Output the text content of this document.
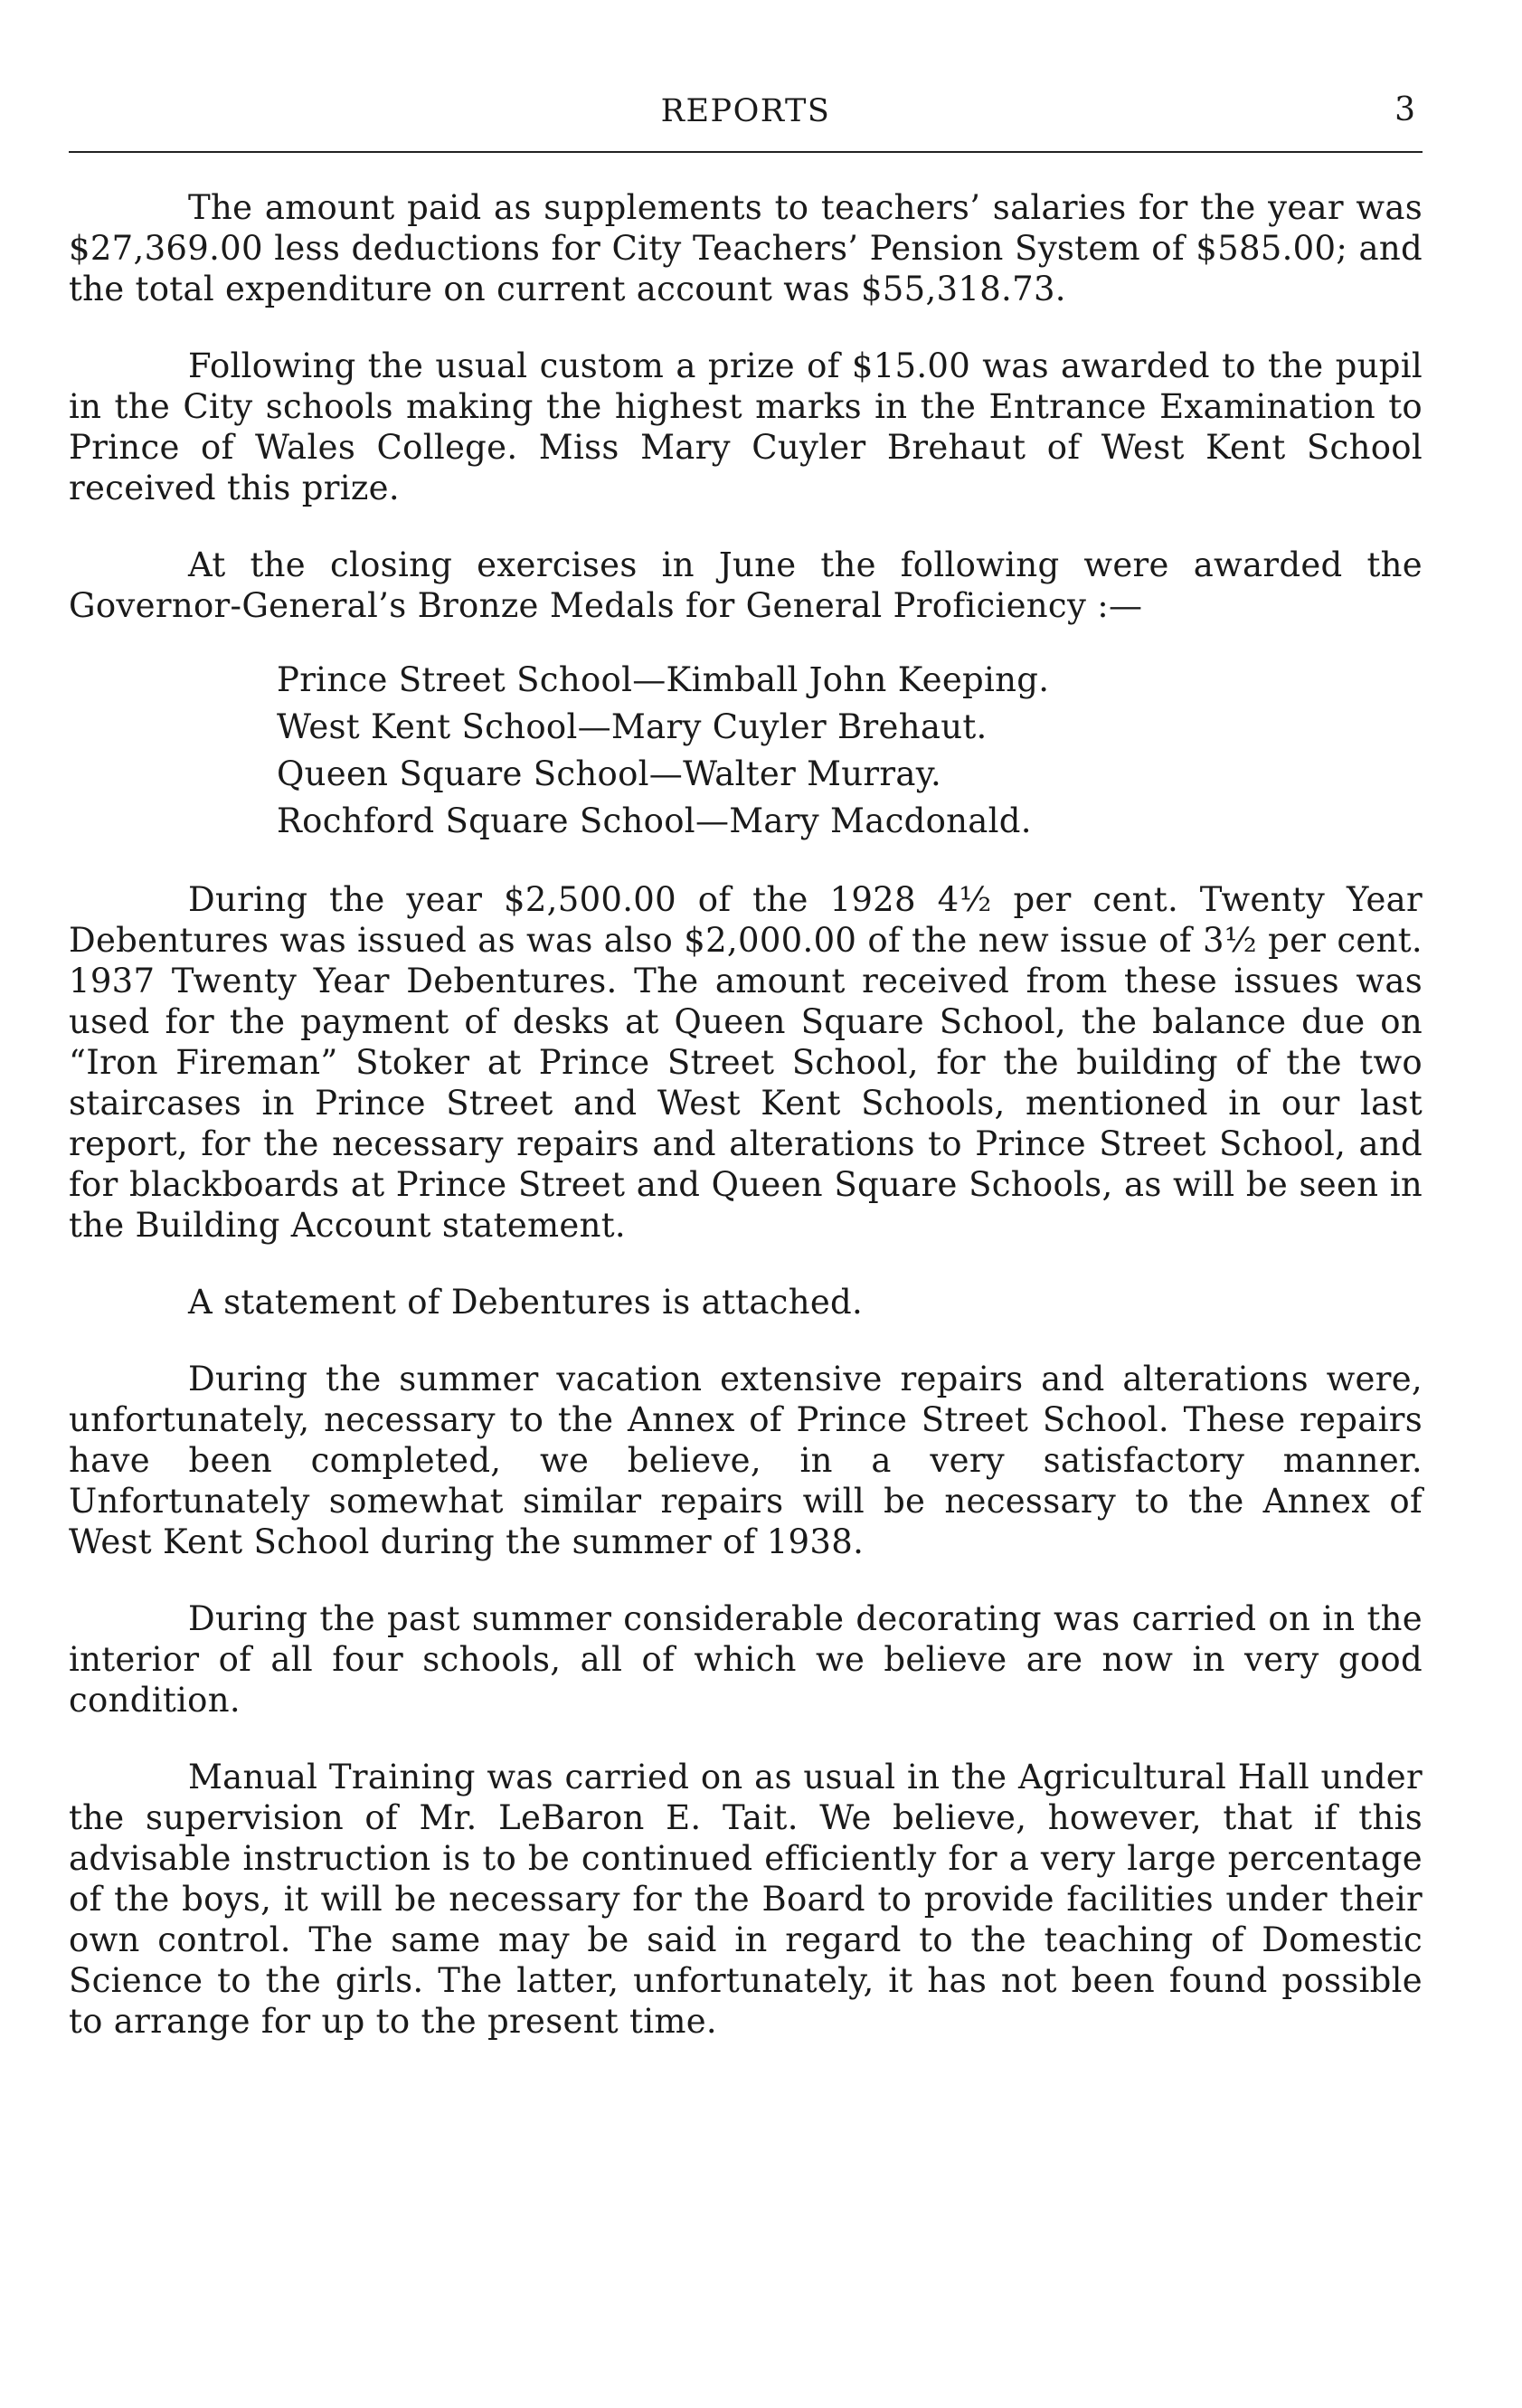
REPORTS	3

The amount paid as supplements to teachers’ salaries for the year was $27,369.00 less deductions for City Teachers’ Pension System of $585.00; and the total expenditure on current account was $55,318.73.

Following the usual custom a prize of $15.00 was awarded to the pupil in the City schools making the highest marks in the Entrance Examination to Prince of Wales College. Miss Mary Cuyler Brehaut of West Kent School received this prize.

At the closing exercises in June the following were awarded the Governor-General’s Bronze Medals for General Proficiency :—

Prince Street School—Kimball John Keeping.
West Kent School—Mary Cuyler Brehaut.
Queen Square School—Walter Murray.
Rochford Square School—Mary Macdonald.

During the year $2,500.00 of the 1928 4½ per cent. Twenty Year Debentures was issued as was also $2,000.00 of the new issue of 3½ per cent. 1937 Twenty Year Debentures. The amount received from these issues was used for the payment of desks at Queen Square School, the balance due on “Iron Fireman” Stoker at Prince Street School, for the building of the two staircases in Prince Street and West Kent Schools, mentioned in our last report, for the necessary repairs and alterations to Prince Street School, and for blackboards at Prince Street and Queen Square Schools, as will be seen in the Building Account statement.

A statement of Debentures is attached.

During the summer vacation extensive repairs and alterations were, unfortunately, necessary to the Annex of Prince Street School. These repairs have been completed, we believe, in a very satisfactory manner. Unfortunately somewhat similar repairs will be necessary to the Annex of West Kent School during the summer of 1938.

During the past summer considerable decorating was carried on in the interior of all four schools, all of which we believe are now in very good condition.

Manual Training was carried on as usual in the Agricultural Hall under the supervision of Mr. LeBaron E. Tait. We believe, however, that if this advisable instruction is to be continued efficiently for a very large percentage of the boys, it will be necessary for the Board to provide facilities under their own control. The same may be said in regard to the teaching of Domestic Science to the girls. The latter, unfortunately, it has not been found possible to arrange for up to the present time.
